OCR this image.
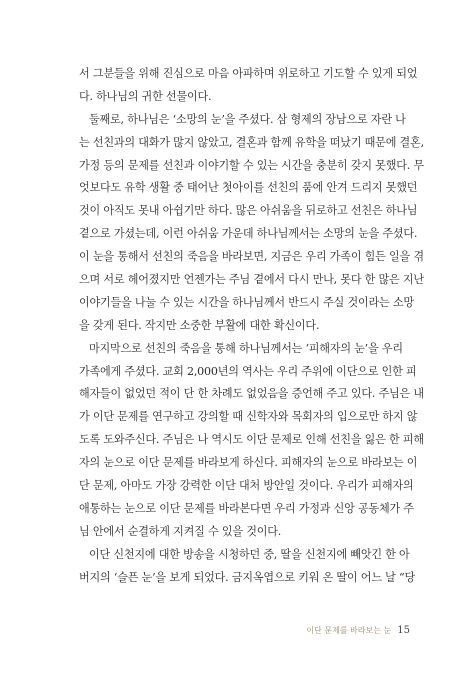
서 그분들을 위해 진심으로 마음 아파하며 위로하고 기도할 수 있게 되었
다. 하나님의 귀한 선물이다.
둘째로, 하나님은 ‘소망의 눈’을 주셨다. 삼 형제의 장남으로 자란 나
는 선친과의 대화가 많지 않았고, 결혼과 함께 유학을 떠났기 때문에 결혼,
가정 등의 문제를 선친과 이야기할 수 있는 시간을 충분히 갖지 못했다. 무
엇보다도 유학 생활 중 태어난 첫아이를 선친의 품에 안겨 드리지 못했던
것이 아직도 못내 아쉽기만 하다. 많은 아쉬움을 뒤로하고 선친은 하나님
곁으로 가셨는데, 이런 아쉬움 가운데 하나님께서는 소망의 눈을 주셨다.
이 눈을 통해서 선친의 죽음을 바라보면, 지금은 우리 가족이 힘든 일을 겪
으며 서로 헤어졌지만 언젠가는 주님 곁에서 다시 만나, 못다 한 많은 지난
이야기들을 나눌 수 있는 시간을 하나님께서 반드시 주실 것이라는 소망
을 갖게 된다. 작지만 소중한 부활에 대한 확신이다.
마지막으로 선친의 죽음을 통해 하나님께서는 ‘피해자의 눈’을 우리
가족에게 주셨다. 교회 2,000년의 역사는 우리 주위에 이단으로 인한 피
해자들이 없었던 적이 단 한 차례도 없었음을 증언해 주고 있다. 주님은 내
가 이단 문제를 연구하고 강의할 때 신학자와 목회자의 입으로만 하지 않
도록 도와주신다. 주님은 나 역시도 이단 문제로 인해 선친을 잃은 한 피해
자의 눈으로 이단 문제를 바라보게 하신다. 피해자의 눈으로 바라보는 이
단 문제, 아마도 가장 강력한 이단 대처 방안일 것이다. 우리가 피해자의
애통하는 눈으로 이단 문제를 바라본다면 우리 가정과 신앙 공동체가 주
님 안에서 순결하게 지켜질 수 있을 것이다.
이단 신천지에 대한 방송을 시청하던 중, 딸을 신천지에 빼앗긴 한 아
버지의 ‘슬픈 눈’을 보게 되었다. 금지옥엽으로 키워 온 딸이 어느 날 “당
이단 문제를 바라보는 눈 15
